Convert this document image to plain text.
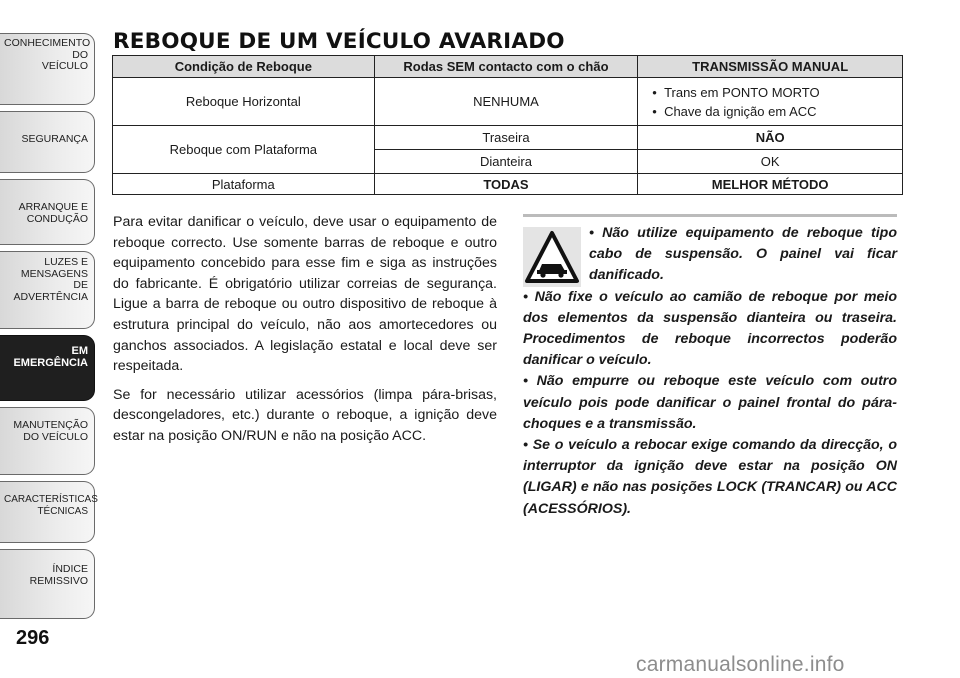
CONHECIMENTO
DO
VEÍCULO
SEGURANÇA
ARRANQUE E
CONDUÇÃO
LUZES E
MENSAGENS
DE
ADVERTÊNCIA
EM
EMERGÊNCIA
MANUTENÇÃO
DO VEÍCULO
CARACTERÍSTICAS
TÉCNICAS
ÍNDICE
REMISSIVO
296
REBOQUE DE UM VEÍCULO AVARIADO
Condição de Reboque	Rodas SEM contacto com o chão	TRANSMISSÃO MANUAL
Reboque Horizontal	NENHUMA	•  Trans em PONTO MORTO
•  Chave da ignição em ACC

Reboque com Plataforma	Traseira	NÃO
	Dianteira	OK
Plataforma	TODAS	MELHOR MÉTODO

Para evitar danificar o veículo, deve usar o equipamento de reboque correcto. Use somente barras de reboque e outro equipamento concebido para esse fim e siga as instruções do fabricante. É obrigatório utilizar correias de segurança. Ligue a barra de reboque ou outro dispositivo de reboque à estrutura principal do veículo, não aos amortecedores ou ganchos associados. A legislação estatal e local deve ser respeitada.

Se for necessário utilizar acessórios (limpa pára-brisas, descongeladores, etc.) durante o reboque, a ignição deve estar na posição ON/RUN e não na posição ACC.

• Não utilize equipamento de reboque tipo cabo de suspensão. O painel vai ficar danificado.

• Não fixe o veículo ao camião de reboque por meio dos elementos da suspensão dianteira ou traseira. Procedimentos de reboque incorrectos poderão danificar o veículo.

• Não empurre ou reboque este veículo com outro veículo pois pode danificar o painel frontal do pára-choques e a transmissão.

• Se o veículo a rebocar exige comando da direcção, o interruptor da ignição deve estar na posição ON (LIGAR) e não nas posições LOCK (TRANCAR) ou ACC (ACESSÓRIOS).

carmanualsonline.info
